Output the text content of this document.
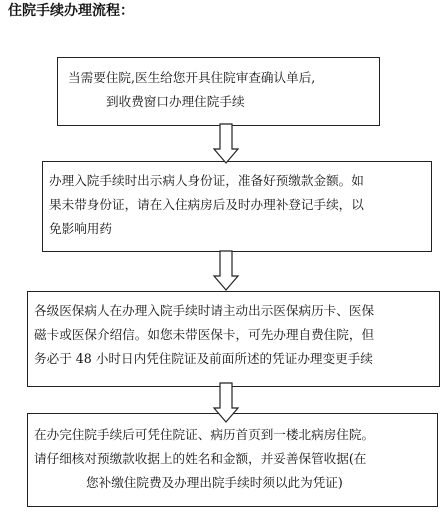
住院手续办理流程：
当需要住院,医生给您开具住院审查确认单后,
到收费窗口办理住院手续
办理入院手续时出示病人身份证，准备好预缴款金额。如
果未带身份证，请在入住病房后及时办理补登记手续，以
免影响用药
各级医保病人在办理入院手续时请主动出示医保病历卡、医保
磁卡或医保介绍信。如您未带医保卡，可先办理自费住院，但
务必于 48 小时日内凭住院证及前面所述的凭证办理变更手续
在办完住院手续后可凭住院证、病历首页到一楼北病房住院。
请仔细核对预缴款收据上的姓名和金额，并妥善保管收据(在
您补缴住院费及办理出院手续时须以此为凭证)
